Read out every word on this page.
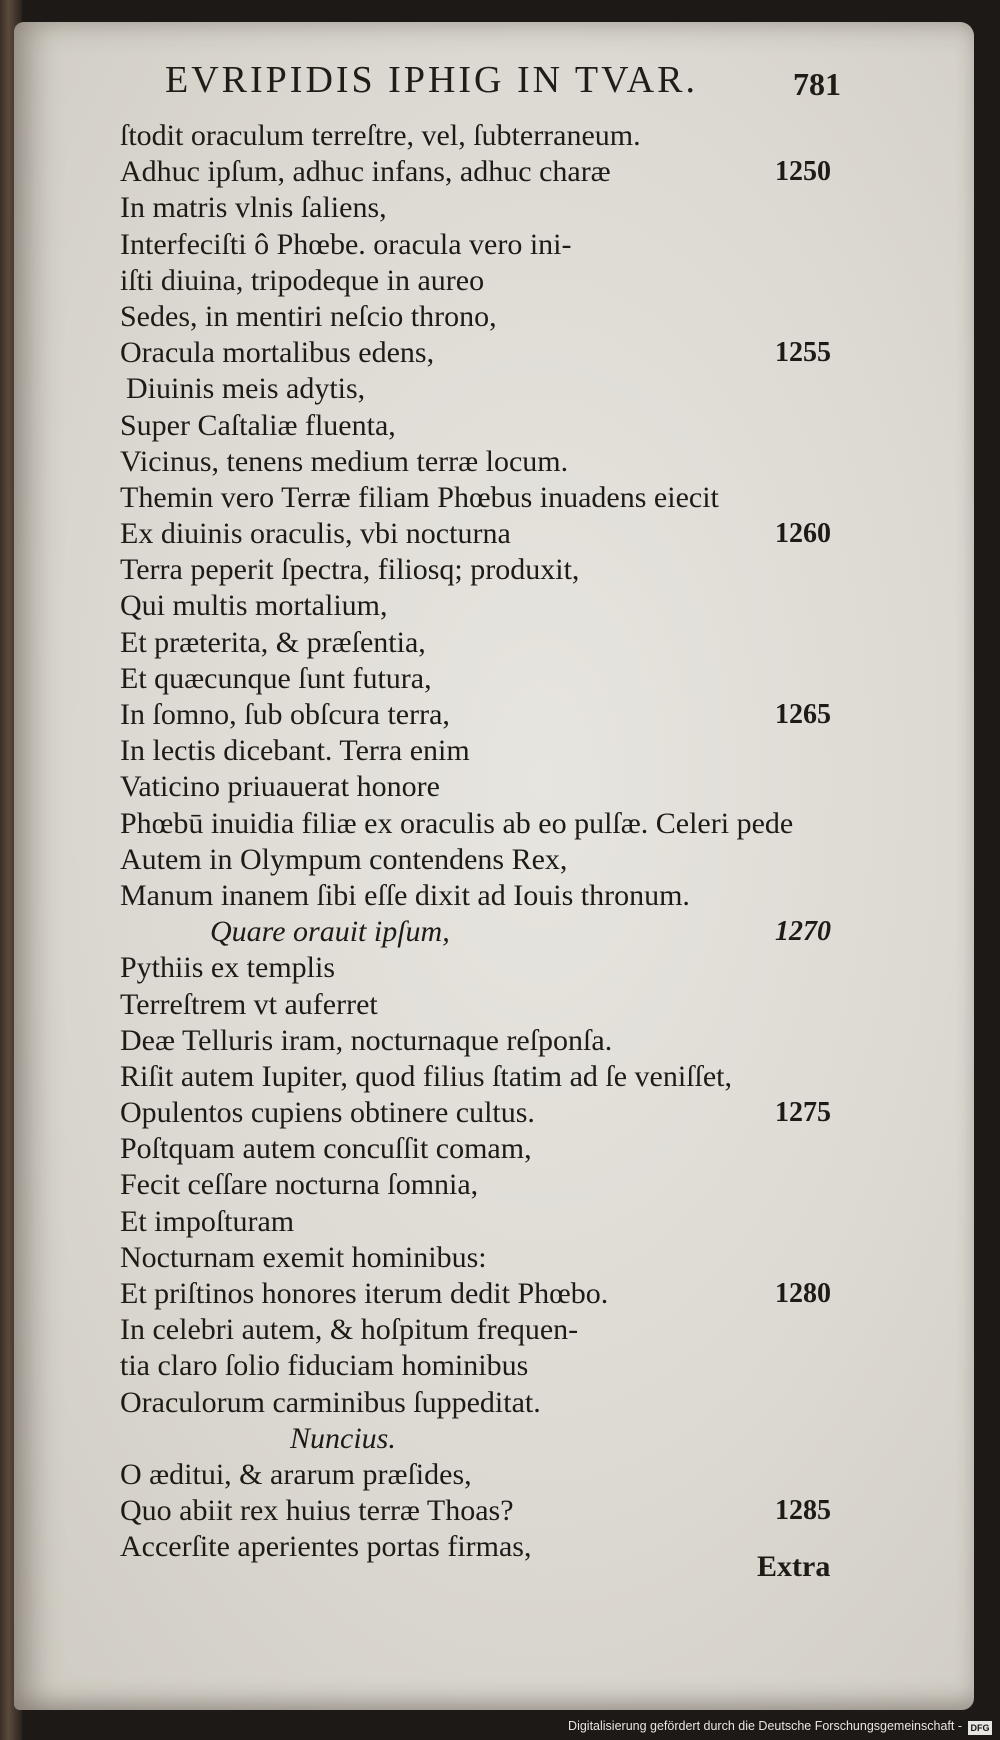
EVRIPIDIS IPHIG IN TVAR.	781
ſtodit oraculum terreſtre, vel, ſubterraneum.
Adhuc ipſum, adhuc infans, adhuc charæ	1250
In matris vlnis ſaliens,
Interfeciſti ô Phœbe. oracula vero ini-
iſti diuina, tripodeque in aureo
Sedes, in mentiri neſcio throno,
Oracula mortalibus edens,	1255
Diuinis meis adytis,
Super Caſtaliæ fluenta,
Vicinus, tenens medium terræ locum.
Themin vero Terræ filiam Phœbus inuadens eiecit
Ex diuinis oraculis, vbi nocturna	1260
Terra peperit ſpectra, filiosq; produxit,
Qui multis mortalium,
Et præterita, & præſentia,
Et quæcunque ſunt futura,
In ſomno, ſub obſcura terra,	1265
In lectis dicebant. Terra enim
Vaticino priuauerat honore
Phœbū inuidia filiæ ex oraculis ab eo pulſæ. Celeri pede
Autem in Olympum contendens Rex,
Manum inanem ſibi eſſe dixit ad Iouis thronum.
Quare orauit ipſum,	1270
Pythiis ex templis
Terreſtrem vt auferret
Deæ Telluris iram, nocturnaque reſponſa.
Riſit autem Iupiter, quod filius ſtatim ad ſe veniſſet,
Opulentos cupiens obtinere cultus.	1275
Poſtquam autem concuſſit comam,
Fecit ceſſare nocturna ſomnia,
Et impoſturam
Nocturnam exemit hominibus:
Et priſtinos honores iterum dedit Phœbo.	1280
In celebri autem, & hoſpitum frequen-
tia claro ſolio fiduciam hominibus
Oraculorum carminibus ſuppeditat.
Nuncius.
O æditui, & ararum præſides,
Quo abiit rex huius terræ Thoas?	1285
Accerſite aperientes portas firmas,
Extra
Digitalisierung gefördert durch die Deutsche Forschungsgemeinschaft - DFG
